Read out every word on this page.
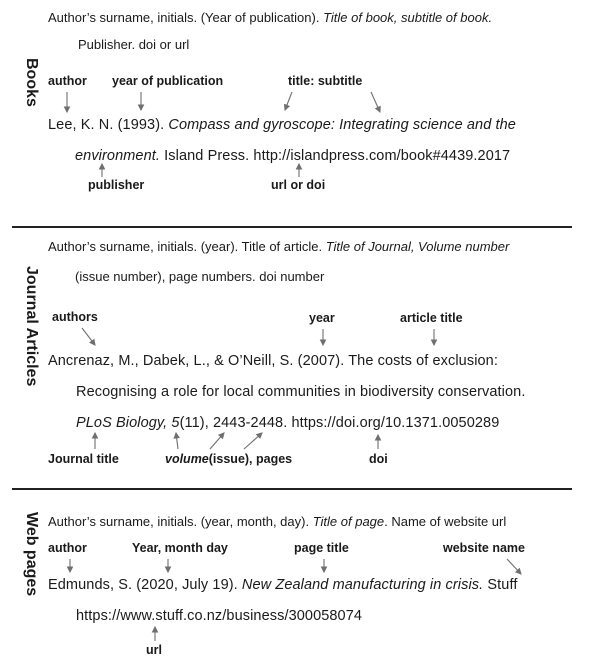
Books
Author’s surname, initials. (Year of publication). Title of book, subtitle of book.
Publisher. doi or url
author year of publication	title: subtitle
Lee, K. N. (1993). Compass and gyroscope: Integrating science and the
environment. Island Press. http://islandpress.com/book#4439.2017
publisher	url or doi
Journal Articles
Author’s surname, initials. (year). Title of article. Title of Journal, Volume number
(issue number), page numbers. doi number
authors	year	article title
Ancrenaz, M., Dabek, L., & O’Neill, S. (2007). The costs of exclusion:
Recognising a role for local communities in biodiversity conservation.
PLoS Biology, 5(11), 2443-2448. https://doi.org/10.1371.0050289
Journal title	volume(issue), pages	doi
Web pages Author’s surname, initials. (year, month, day). Title of page. Name of website url
author	Year, month day	page title	website name
Edmunds, S. (2020, July 19). New Zealand manufacturing in crisis. Stuff
https://www.stuff.co.nz/business/300058074
url
